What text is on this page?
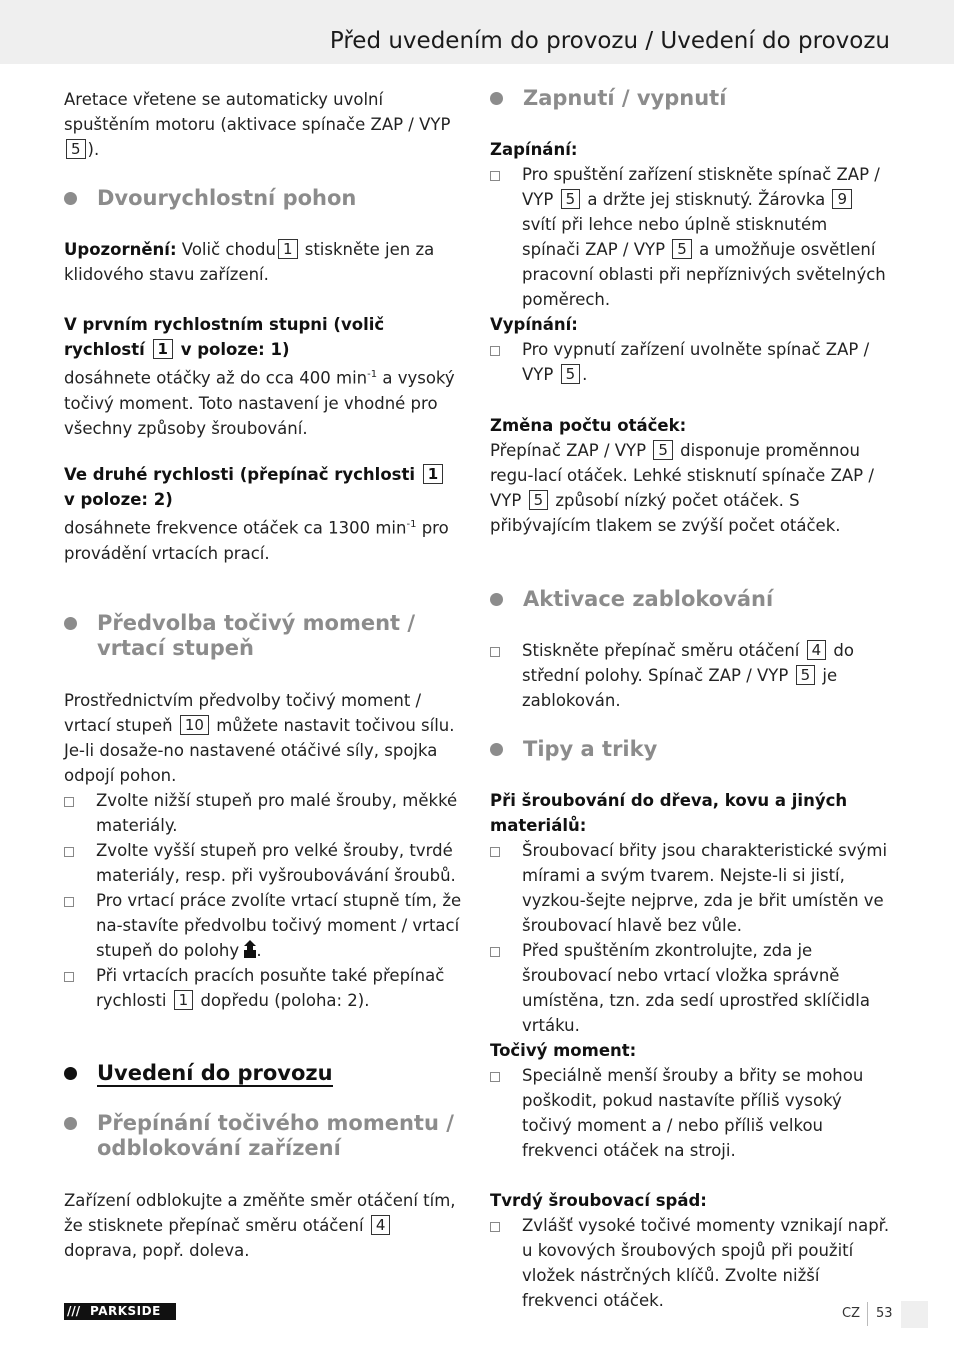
Před uvedením do provozu / Uvedení do provozu

Aretace vřetene se automaticky uvolní spuštěním motoru (aktivace spínače ZAP / VYP5 ).

Dvourychlostní pohon

Upozornění: Volič chodu 1 stiskněte jen za klidového stavu zařízení.

V prvním rychlostním stupni (volič rychlostí 1 v poloze: 1)

dosáhnete otáčky až do cca 400 $\min^{-1} a$ vysoký točivý moment. Toto nastavení je vhodné pro všechny způsoby šroubování.

Ve druhé rychlosti (přepínač rychlosti 1
v poloze: 2)

dosáhnete frekvence otáček ca 1300 $\min^{-1}$ pro provádění vrtacích prací.

Předvolba točivý moment /
vrtací stupeň

Prostřednictvím předvolby točivý moment / vrtací stupeň 10 můžete nastavit točivou sílu. Je-li dosaže-no nastavené otáčivé síly, spojka odpojí pohon.

Zvolte nižší stupeň pro malé šrouby, měkké materiály.
Zvolte vyšší stupeň pro velké šrouby, tvrdé materiály, resp. při vyšroubovávání šroubů.
Pro vrtací práce zvolíte vrtací stupně tím, že na-stavíte předvolbu točivý moment / vrtací stupeň do polohy .
Při vrtacích pracích posuňte také přepínač rychlosti 1 dopředu (poloha: 2).
Uvedení do provozu
Přepínání točivého momentu /
odblokování zařízení

Zařízení odblokujte a změňte směr otáčení tím, že stisknete přepínač směru otáčení 4 doprava, popř. doleva.

Zapnutí / vypnutí

Zapínání:

Pro spuštění zařízení stiskněte spínač ZAP / VYP 5 a držte jej stisknutý. Žárovka 9 svítí při lehce nebo úplně stisknutém spínači ZAP / VYP 5 a umožňuje osvětlení pracovní oblasti při nepříznivých světelných poměrech.

Vypínání:

Pro vypnutí zařízení uvolněte spínač ZAP / VYP 5 .

Změna počtu otáček:

Přepínač ZAP / VYP 5 disponuje proměnnou regu-lací otáček. Lehké stisknutí spínače ZAP / VYP 5 způsobí nízký počet otáček. S přibývajícím tlakem se zvýší počet otáček.

Aktivace zablokování
Stiskněte přepínač směru otáčení 4 do střední polohy. Spínač ZAP / VYP 5 je zablokován.
Tipy a triky

Při šroubování do dřeva, kovu a jiných materiálů:

Šroubovací břity jsou charakteristické svými mírami a svým tvarem. Nejste-li si jistí, vyzkou-šejte nejprve, zda je břit umístěn ve šroubovací hlavě bez vůle.
Před spuštěním zkontrolujte, zda je šroubovací nebo vrtací vložka správně umístěna, tzn. zda sedí uprostřed sklíčidla vrtáku.

Točivý moment:

Speciálně menší šrouby a břity se mohou poškodit, pokud nastavíte příliš vysoký točivý moment a / nebo příliš velkou frekvenci otáček na stroji.

Tvrdý šroubovací spád:

Zvlášť vysoké točivé momenty vznikají např. u kovových šroubových spojů při použití vložek nástrčných klíčů. Zvolte nižší frekvenci otáček.
/// PARKSIDE	CZ 53
